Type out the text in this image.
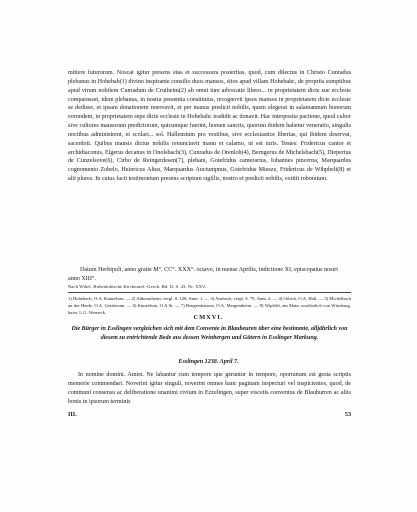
mittere futurorum. Noscat igitur presens etas et successura posteritas, quod, cum dilectus in Christo Cunradus plebanus in Hohebah(1) divino inspirante consilio duos mansos, sitos apud villam Hohebahc, de propriis sumptibus apud virum nobilem Cunradum de Crutheim(2) ab omni iure advocatie libero... in proprietatem dicte sue ecclesie comparasset, idem plebanus, in nostra presentia constitutus, recognovit ipsos mansos in proprietatem dicte ecclesie se dedisse, et ipsam donationem renovavit, et per manus predicti nobilis, quem elegerat in salamannum bonorum eorundem, in proprietatem sepe dicte ecclesie in Hohebahc tradidit ac donavit. Hac interposita pactione, quod cultor sive cultores mansorum predictorum, quicumque fuerint, homen sanctis, quorum ibidem habetur veneratio, singulis noctibus administrent, et scolari... sol. Hallensium pro vestibus, sive ecclesiastice libertas, qui ibidem deservat, sacerdoti. Quibus mansis dictus nobilis renunciavit manu et calamo, ut est iuris. Testes: Fridericus cantor et archidiaconus, Elgerus decanus in Onolsbach(3), Cunradus de Orenlob(4), Berngerus de Michelsbach(5), Diepertus de Cunzelsove(6), Cirbo de Reingerdesen(7), plebani, Gotefridus camerarius, Iohannes pincerna, Marquardus cognomento Zobelo, Heinricus Altus, Marquardus Auctumpnus, Gotefridus Miesze, Fridericus de Wihpbelt(8) et alii plures. In cuius facti testimonium presens scriptum sigillis, nostro et predicti nobilis, extitit roboratum.
Datum Herbipoli, anno gratie M°. CC°. XXX°. octavo, in mense Aprilis, indictione XI, episcopatus nostri anno XIII°.
Nach Wibel, Hohenlohische Kirchenref.-Gesch. Bd. II, S. 43, Nr. XXV.
1) Hohebach, O.A. Künzelsau. — 2) Altkrautheim, vergl. S. 128, Anm. 1. — 3) Ansbach, vergl. S. 79, Anm. 4. — 4) Orlach, O.A. Hall. — 5) Michelbach an der Heide, O.A. Gerabronn. — 6) Künzelsau, O.A.St. — 7) Rengershausen, O.A. Mergentheim. — 8) Wipfeld, am Main, nordöstlich von Würzburg, baier. L.G. Werneck.
CMXVI.
Die Bürger in Esslingen vergleichen sich mit dem Convente in Blaubeuren über eine bestimmte, alljährlich von diesem zu entrichtende Bede aus dessen Weinbergen und Gütern in Esslinger Markung.
Esslingen 1238. April 7.
In nomine domini. Amen. Ne labantur cum tempore que geruntur in tempore, oportunum est gesta scriptis memorie commendari. Noverint igitur singuli, noverint omnes hanc paginam inspecturi vel inspicientes, quod, de communi consensu ac deliberatione unanimi civium in Ezzelingen, super viscetis conventus de Blauburren ac aliis bonis in ipsorum terminis
III.	53
